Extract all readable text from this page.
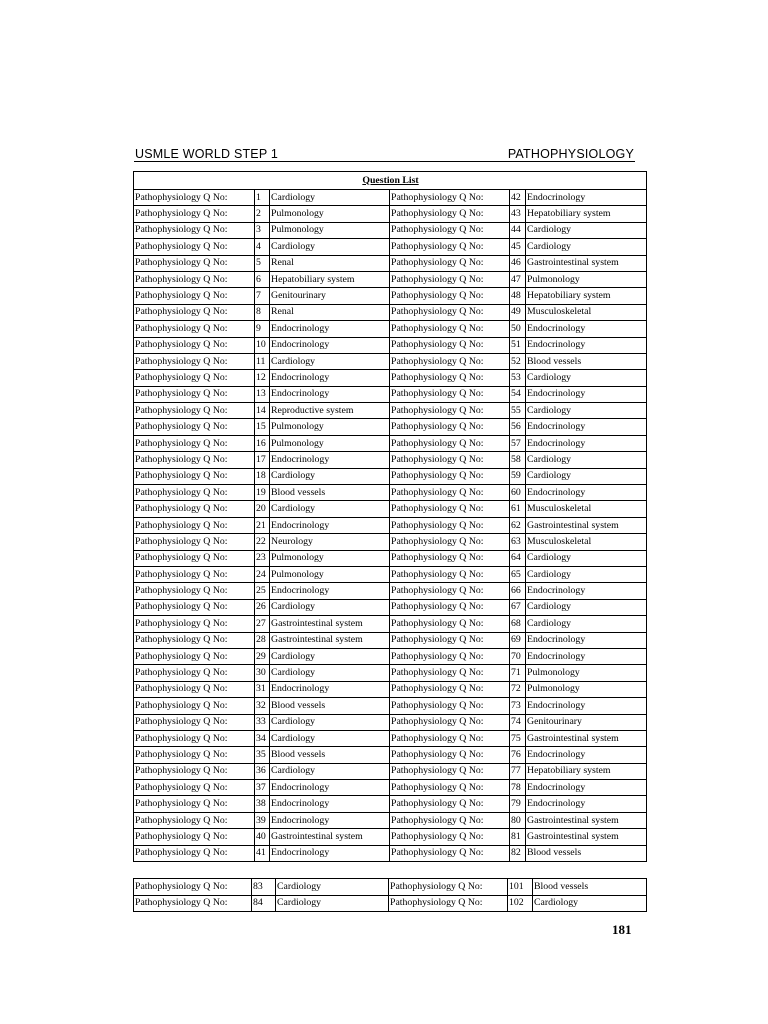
USMLE WORLD STEP 1	PATHOPHYSIOLOGY
Question List					
Pathophysiology Q No:	1	Cardiology	Pathophysiology Q No:	42	Endocrinology
Pathophysiology Q No:	2	Pulmonology	Pathophysiology Q No:	43	Hepatobiliary system
Pathophysiology Q No:	3	Pulmonology	Pathophysiology Q No:	44	Cardiology
Pathophysiology Q No:	4	Cardiology	Pathophysiology Q No:	45	Cardiology
Pathophysiology Q No:	5	Renal	Pathophysiology Q No:	46	Gastrointestinal system
Pathophysiology Q No:	6	Hepatobiliary system	Pathophysiology Q No:	47	Pulmonology
Pathophysiology Q No:	7	Genitourinary	Pathophysiology Q No:	48	Hepatobiliary system
Pathophysiology Q No:	8	Renal	Pathophysiology Q No:	49	Musculoskeletal
Pathophysiology Q No:	9	Endocrinology	Pathophysiology Q No:	50	Endocrinology
Pathophysiology Q No:	10	Endocrinology	Pathophysiology Q No:	51	Endocrinology
Pathophysiology Q No:	11	Cardiology	Pathophysiology Q No:	52	Blood vessels
Pathophysiology Q No:	12	Endocrinology	Pathophysiology Q No:	53	Cardiology
Pathophysiology Q No:	13	Endocrinology	Pathophysiology Q No:	54	Endocrinology
Pathophysiology Q No:	14	Reproductive system	Pathophysiology Q No:	55	Cardiology
Pathophysiology Q No:	15	Pulmonology	Pathophysiology Q No:	56	Endocrinology
Pathophysiology Q No:	16	Pulmonology	Pathophysiology Q No:	57	Endocrinology
Pathophysiology Q No:	17	Endocrinology	Pathophysiology Q No:	58	Cardiology
Pathophysiology Q No:	18	Cardiology	Pathophysiology Q No:	59	Cardiology
Pathophysiology Q No:	19	Blood vessels	Pathophysiology Q No:	60	Endocrinology
Pathophysiology Q No:	20	Cardiology	Pathophysiology Q No:	61	Musculoskeletal
Pathophysiology Q No:	21	Endocrinology	Pathophysiology Q No:	62	Gastrointestinal system
Pathophysiology Q No:	22	Neurology	Pathophysiology Q No:	63	Musculoskeletal
Pathophysiology Q No:	23	Pulmonology	Pathophysiology Q No:	64	Cardiology
Pathophysiology Q No:	24	Pulmonology	Pathophysiology Q No:	65	Cardiology
Pathophysiology Q No:	25	Endocrinology	Pathophysiology Q No:	66	Endocrinology
Pathophysiology Q No:	26	Cardiology	Pathophysiology Q No:	67	Cardiology
Pathophysiology Q No:	27	Gastrointestinal system	Pathophysiology Q No:	68	Cardiology
Pathophysiology Q No:	28	Gastrointestinal system	Pathophysiology Q No:	69	Endocrinology
Pathophysiology Q No:	29	Cardiology	Pathophysiology Q No:	70	Endocrinology
Pathophysiology Q No:	30	Cardiology	Pathophysiology Q No:	71	Pulmonology
Pathophysiology Q No:	31	Endocrinology	Pathophysiology Q No:	72	Pulmonology
Pathophysiology Q No:	32	Blood vessels	Pathophysiology Q No:	73	Endocrinology
Pathophysiology Q No:	33	Cardiology	Pathophysiology Q No:	74	Genitourinary
Pathophysiology Q No:	34	Cardiology	Pathophysiology Q No:	75	Gastrointestinal system
Pathophysiology Q No:	35	Blood vessels	Pathophysiology Q No:	76	Endocrinology
Pathophysiology Q No:	36	Cardiology	Pathophysiology Q No:	77	Hepatobiliary system
Pathophysiology Q No:	37	Endocrinology	Pathophysiology Q No:	78	Endocrinology
Pathophysiology Q No:	38	Endocrinology	Pathophysiology Q No:	79	Endocrinology
Pathophysiology Q No:	39	Endocrinology	Pathophysiology Q No:	80	Gastrointestinal system
Pathophysiology Q No:	40	Gastrointestinal system	Pathophysiology Q No:	81	Gastrointestinal system
Pathophysiology Q No:	41	Endocrinology	Pathophysiology Q No:	82	Blood vessels
Pathophysiology Q No:	83	Cardiology	Pathophysiology Q No:	101	Blood vessels
Pathophysiology Q No:	84	Cardiology	Pathophysiology Q No:	102	Cardiology
181
